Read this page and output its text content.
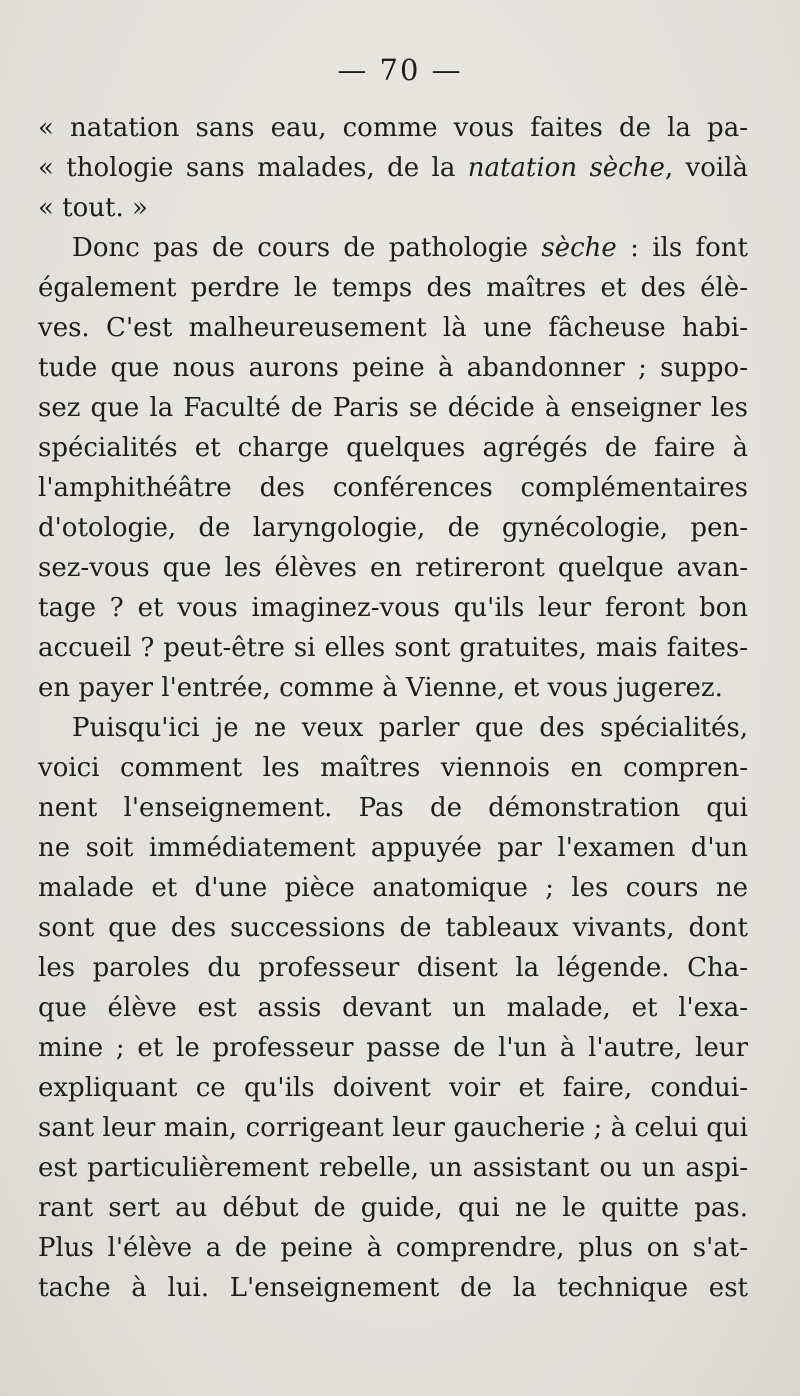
— 70 —
« natation sans eau, comme vous faites de la pa-
« thologie sans malades, de la natation sèche, voilà
« tout. »
Donc pas de cours de pathologie sèche : ils font
également perdre le temps des maîtres et des élè-
ves. C'est malheureusement là une fâcheuse habi-
tude que nous aurons peine à abandonner ; suppo-
sez que la Faculté de Paris se décide à enseigner les
spécialités et charge quelques agrégés de faire à
l'amphithéâtre des conférences complémentaires
d'otologie, de laryngologie, de gynécologie, pen-
sez-vous que les élèves en retireront quelque avan-
tage ? et vous imaginez-vous qu'ils leur feront bon
accueil ? peut-être si elles sont gratuites, mais faites-
en payer l'entrée, comme à Vienne, et vous jugerez.
Puisqu'ici je ne veux parler que des spécialités,
voici comment les maîtres viennois en compren-
nent l'enseignement. Pas de démonstration qui
ne soit immédiatement appuyée par l'examen d'un
malade et d'une pièce anatomique ; les cours ne
sont que des successions de tableaux vivants, dont
les paroles du professeur disent la légende. Cha-
que élève est assis devant un malade, et l'exa-
mine ; et le professeur passe de l'un à l'autre, leur
expliquant ce qu'ils doivent voir et faire, condui-
sant leur main, corrigeant leur gaucherie ; à celui qui
est particulièrement rebelle, un assistant ou un aspi-
rant sert au début de guide, qui ne le quitte pas.
Plus l'élève a de peine à comprendre, plus on s'at-
tache à lui. L'enseignement de la technique est
